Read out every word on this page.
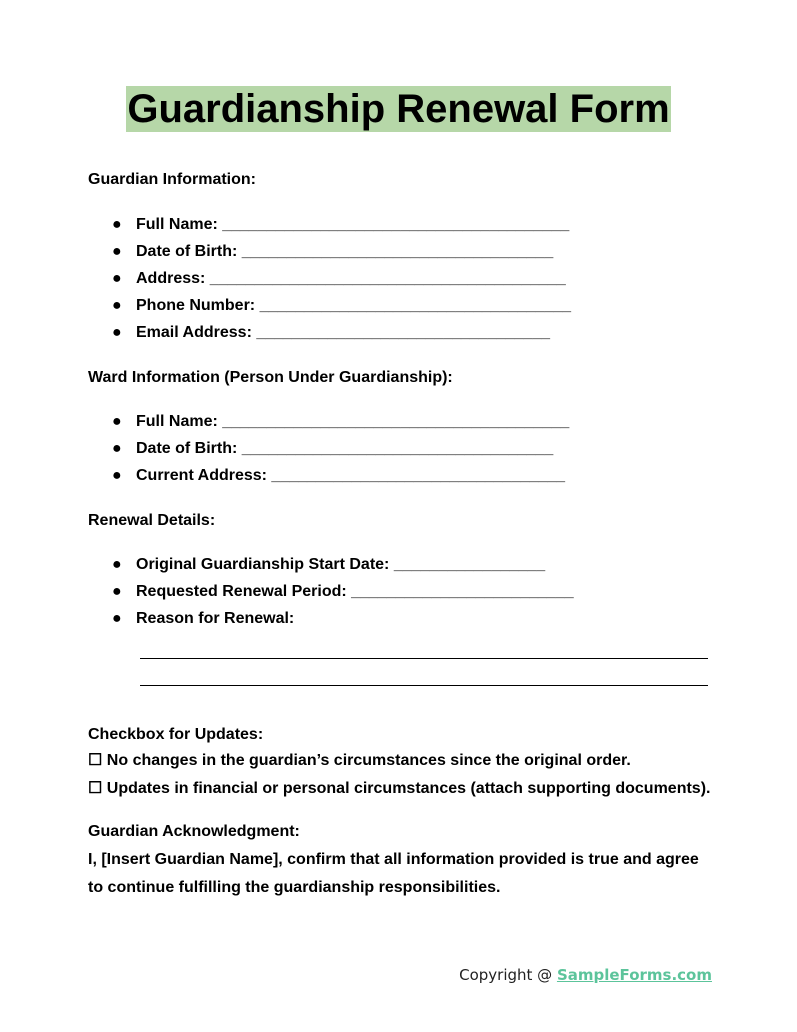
Guardianship Renewal Form

Guardian Information:

● Full Name: _______________________________________
● Date of Birth: ___________________________________
● Address: ________________________________________
● Phone Number: ___________________________________
● Email Address: _________________________________

Ward Information (Person Under Guardianship):

● Full Name: _______________________________________
● Date of Birth: ___________________________________
● Current Address: _________________________________

Renewal Details:

● Original Guardianship Start Date: _________________
● Requested Renewal Period: _________________________
● Reason for Renewal:

Checkbox for Updates:

☐ No changes in the guardian’s circumstances since the original order.

☐ Updates in financial or personal circumstances (attach supporting documents).

Guardian Acknowledgment:

I, [Insert Guardian Name], confirm that all information provided is true and agree to continue fulfilling the guardianship responsibilities.

Copyright @ SampleForms.com
